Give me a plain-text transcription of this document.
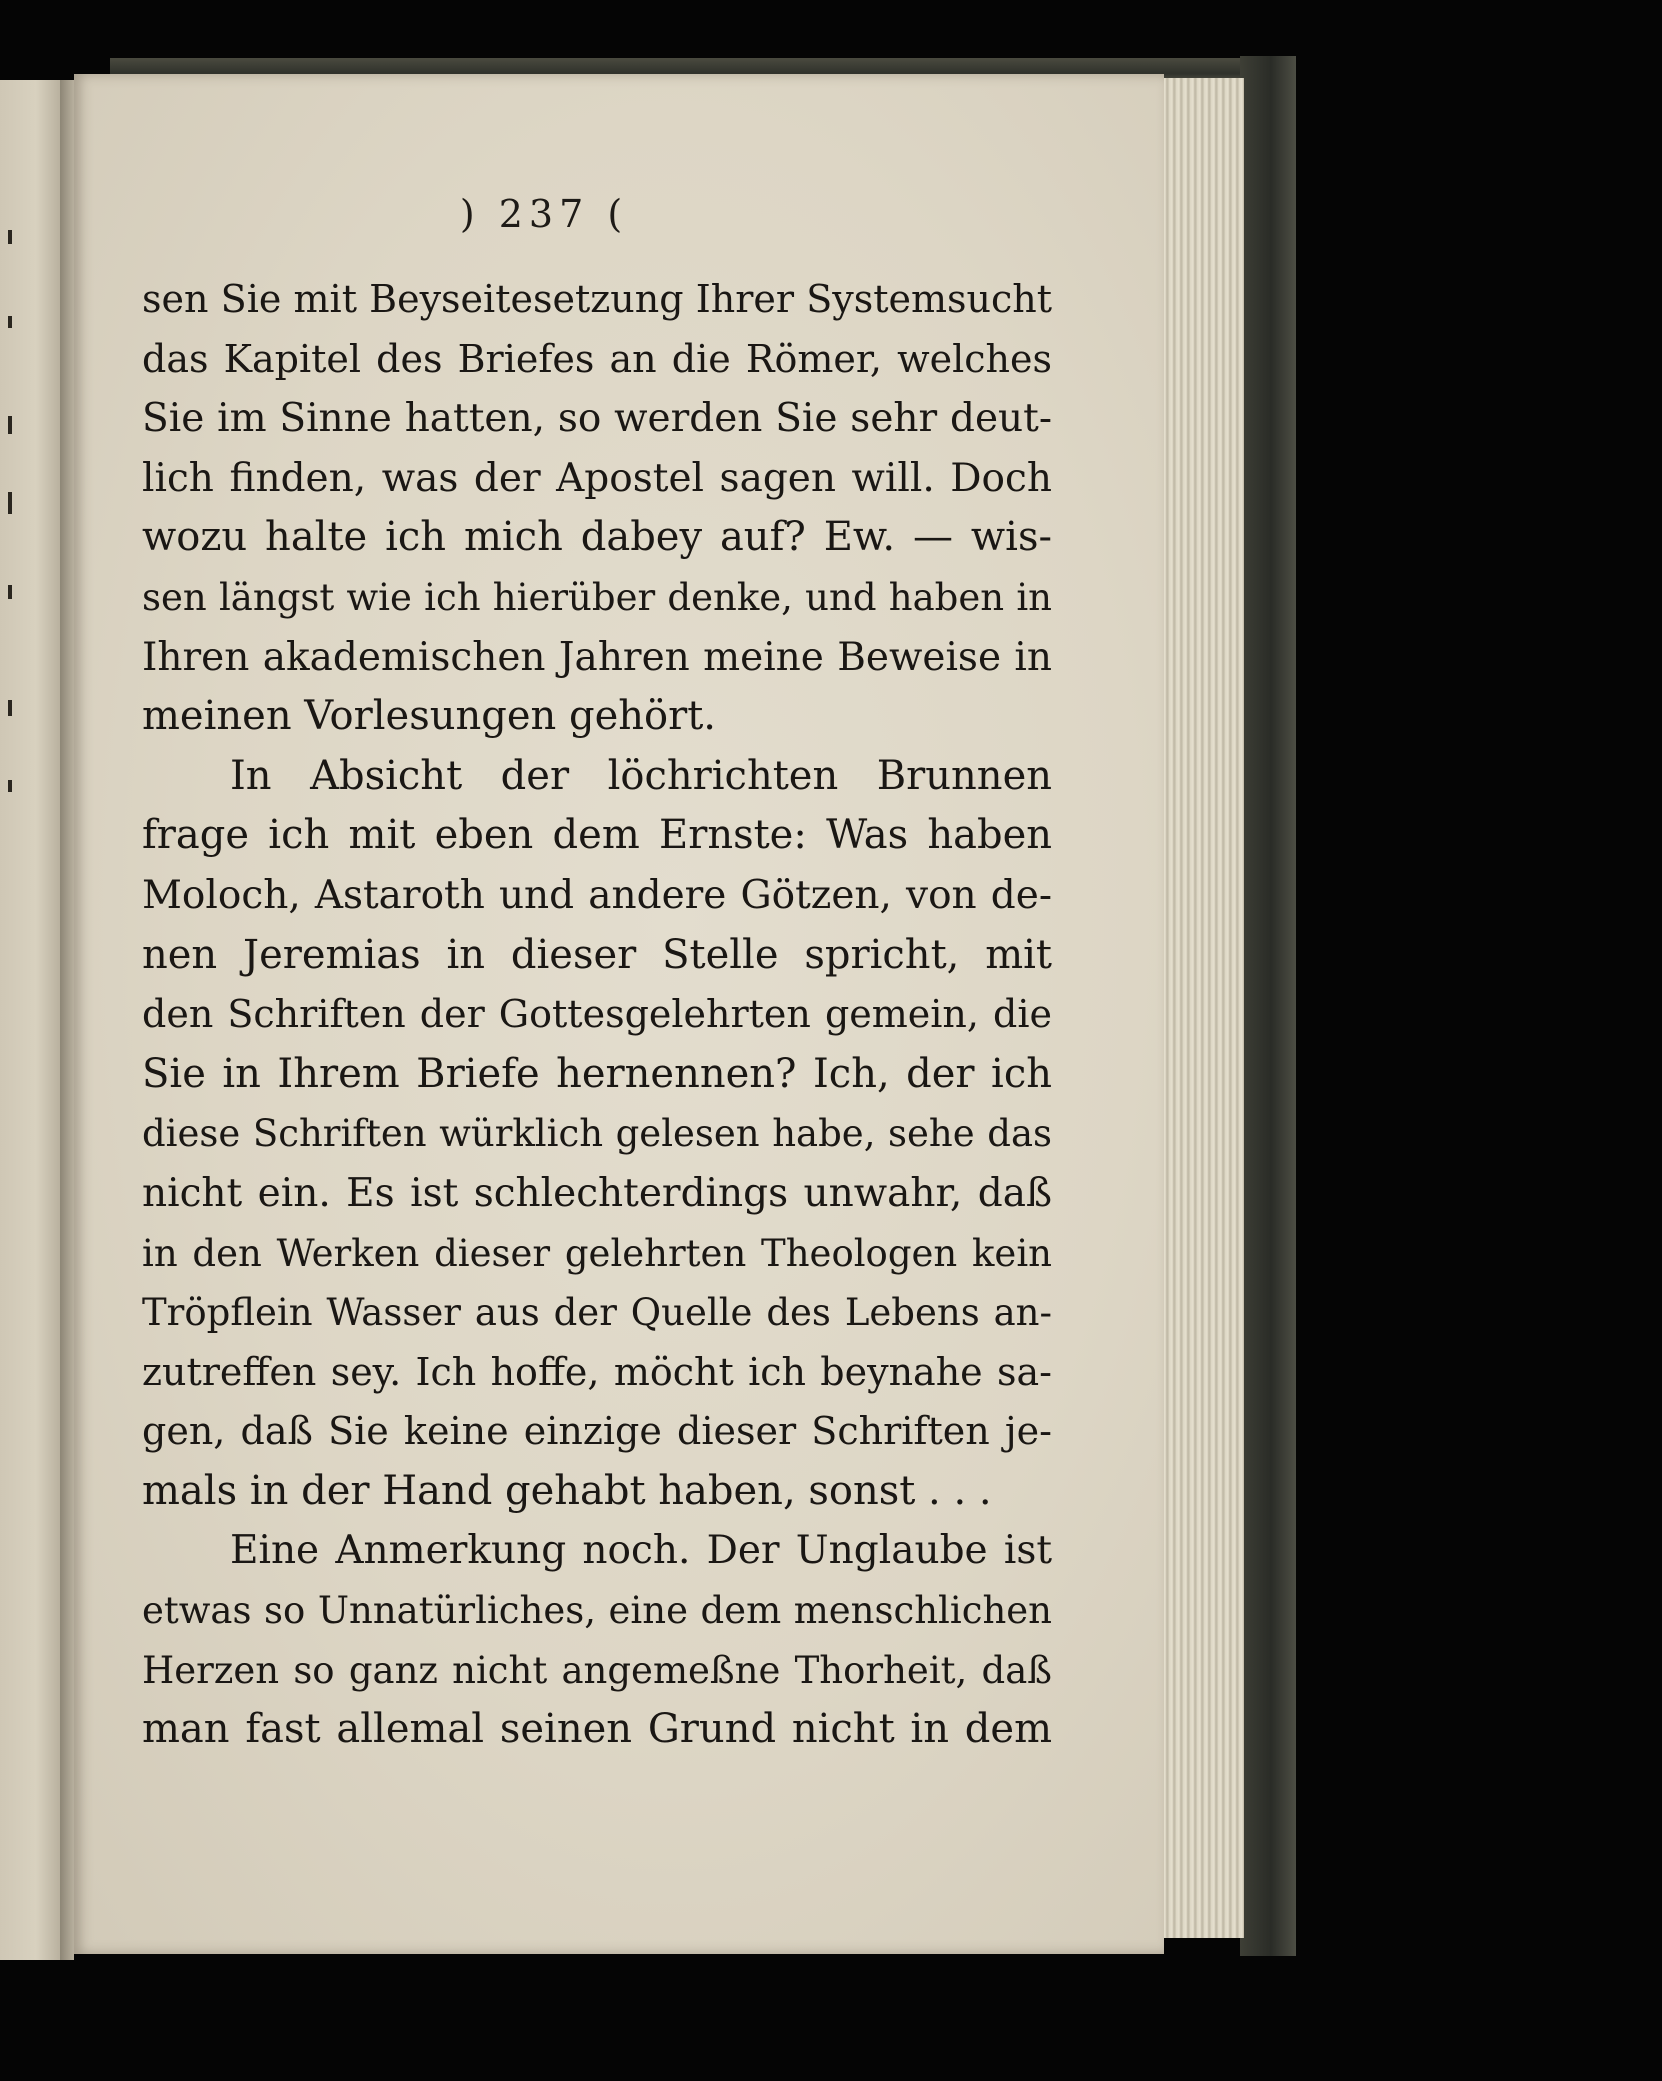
) 237 (
sen Sie mit Beyseitesetzung Ihrer Systemsucht
das Kapitel des Briefes an die Römer, welches
Sie im Sinne hatten, so werden Sie sehr deut-
lich finden, was der Apostel sagen will. Doch
wozu halte ich mich dabey auf? Ew. — wis-
sen längst wie ich hierüber denke, und haben in
Ihren akademischen Jahren meine Beweise in
meinen Vorlesungen gehört.
In Absicht der löchrichten Brunnen
frage ich mit eben dem Ernste: Was haben
Moloch, Astaroth und andere Götzen, von de-
nen Jeremias in dieser Stelle spricht, mit
den Schriften der Gottesgelehrten gemein, die
Sie in Ihrem Briefe hernennen? Ich, der ich
diese Schriften würklich gelesen habe, sehe das
nicht ein. Es ist schlechterdings unwahr, daß
in den Werken dieser gelehrten Theologen kein
Tröpflein Wasser aus der Quelle des Lebens an-
zutreffen sey. Ich hoffe, möcht ich beynahe sa-
gen, daß Sie keine einzige dieser Schriften je-
mals in der Hand gehabt haben, sonst . . .
Eine Anmerkung noch. Der Unglaube ist
etwas so Unnatürliches, eine dem menschlichen
Herzen so ganz nicht angemeßne Thorheit, daß
man fast allemal seinen Grund nicht in dem
